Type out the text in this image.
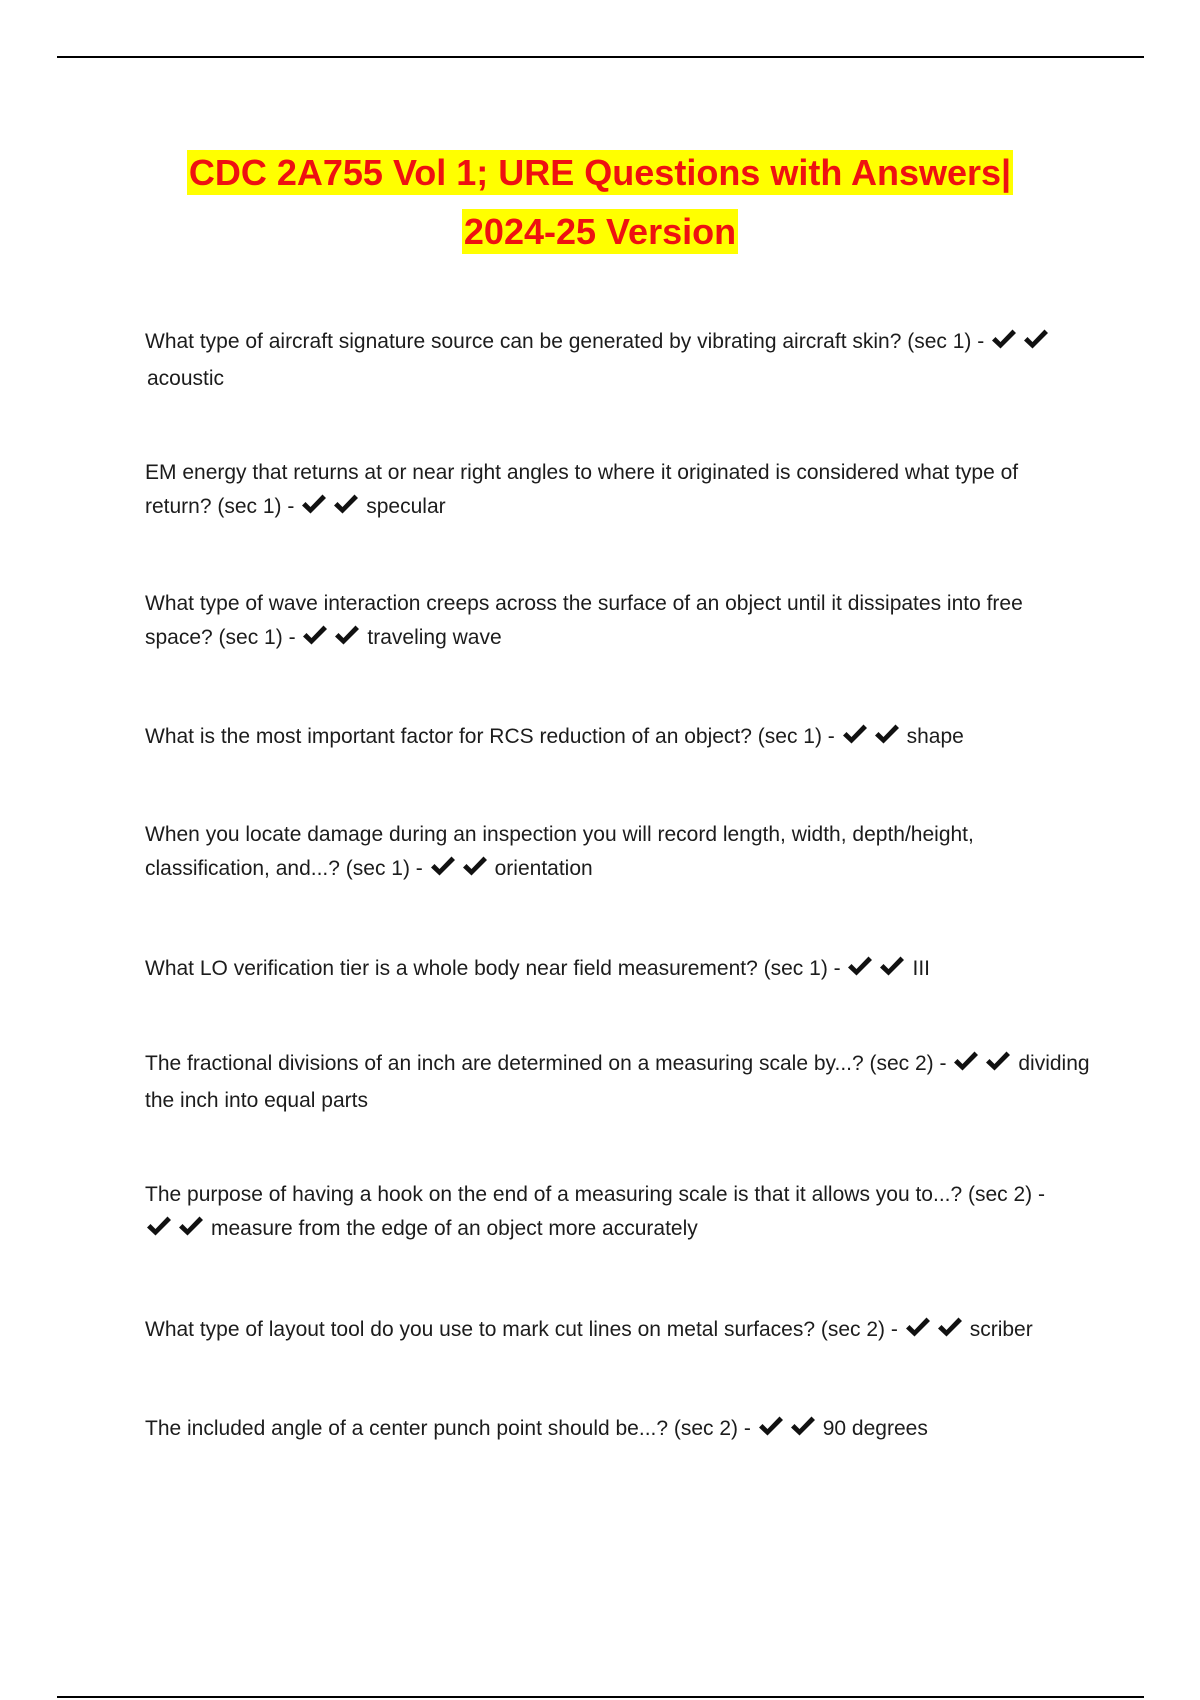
CDC 2A755 Vol 1; URE Questions with Answers|
2024-25 Version
What type of aircraft signature source can be generated by vibrating aircraft skin? (sec 1) -
acoustic
EM energy that returns at or near right angles to where it originated is considered what type of return? (sec 1) -	specular
What type of wave interaction creeps across the surface of an object until it dissipates into free space? (sec 1) -	traveling wave
What is the most important factor for RCS reduction of an object? (sec 1) -	shape
When you locate damage during an inspection you will record length, width, depth/height, classification, and...? (sec 1) -	orientation
What LO verification tier is a whole body near field measurement? (sec 1) -	III
The fractional divisions of an inch are determined on a measuring scale by...? (sec 2) -	dividing the inch into equal parts
The purpose of having a hook on the end of a measuring scale is that it allows you to...? (sec 2) -
measure from the edge of an object more accurately
What type of layout tool do you use to mark cut lines on metal surfaces? (sec 2) -	scriber
The included angle of a center punch point should be...? (sec 2) -	90 degrees
